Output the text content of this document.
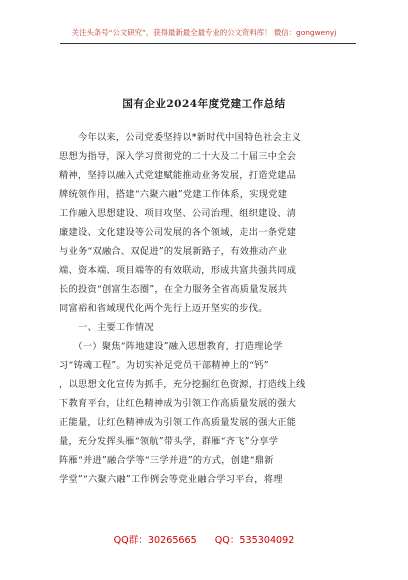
关注头条号“公文研究”，获得最新最全最专业的公文资料库！ 微信：gongwenyj
国有企业2024年度党建工作总结
　　今年以来，公司党委坚持以*新时代中国特色社会主义
思想为指导，深入学习贯彻党的二十大及二十届三中全会
精神，坚持以融入式党建赋能推动业务发展，打造党建品
牌统领作用，搭建“六聚六融”党建工作体系，实现党建
工作融入思想建设、项目攻坚、公司治理、组织建设、清
廉建设、文化建设等公司发展的各个领域，走出一条党建
与业务“双融合、双促进”的发展新路子，有效推动产业
端、资本端、项目端等的有效联动，形成共富共强共同成
长的投资“创富生态圈”，在全力服务全省高质量发展共
同富裕和省域现代化两个先行上迈开坚实的步伐。
　　一、主要工作情况
　　（一）聚焦“阵地建设”融入思想教育，打造理论学
习“铸魂工程”。为切实补足党员干部精神上的“钙”
，以思想文化宣传为抓手，充分挖掘红色资源，打造线上线
下教育平台，让红色精神成为引领工作高质量发展的强大
正能量，让红色精神成为引领工作高质量发展的强大正能
量，充分发挥头雁“领航”带头学，群雁“齐飞”分享学
阵雁“并进”融合学等“三学并进”的方式，创建“鼎新
学堂”“六聚六融”工作例会等党业融合学习平台，将理
QQ群：30265665 QQ：535304092
